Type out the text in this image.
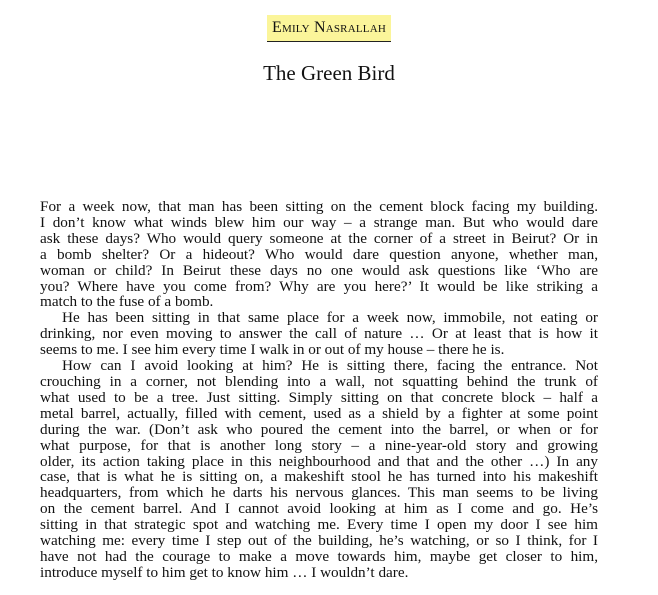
Emily Nasrallah
The Green Bird
For a week now, that man has been sitting on the cement block facing my building.
I don’t know what winds blew him our way – a strange man. But who would dare
ask these days? Who would query someone at the corner of a street in Beirut? Or in
a bomb shelter? Or a hideout? Who would dare question anyone, whether man,
woman or child? In Beirut these days no one would ask questions like ‘Who are
you? Where have you come from? Why are you here?’ It would be like striking a
match to the fuse of a bomb.
He has been sitting in that same place for a week now, immobile, not eating or
drinking, nor even moving to answer the call of nature … Or at least that is how it
seems to me. I see him every time I walk in or out of my house – there he is.
How can I avoid looking at him? He is sitting there, facing the entrance. Not
crouching in a corner, not blending into a wall, not squatting behind the trunk of
what used to be a tree. Just sitting. Simply sitting on that concrete block – half a
metal barrel, actually, filled with cement, used as a shield by a fighter at some point
during the war. (Don’t ask who poured the cement into the barrel, or when or for
what purpose, for that is another long story – a nine-year-old story and growing
older, its action taking place in this neighbourhood and that and the other …) In any
case, that is what he is sitting on, a makeshift stool he has turned into his makeshift
headquarters, from which he darts his nervous glances. This man seems to be living
on the cement barrel. And I cannot avoid looking at him as I come and go. He’s
sitting in that strategic spot and watching me. Every time I open my door I see him
watching me: every time I step out of the building, he’s watching, or so I think, for I
have not had the courage to make a move towards him, maybe get closer to him,
introduce myself to him get to know him … I wouldn’t dare.
